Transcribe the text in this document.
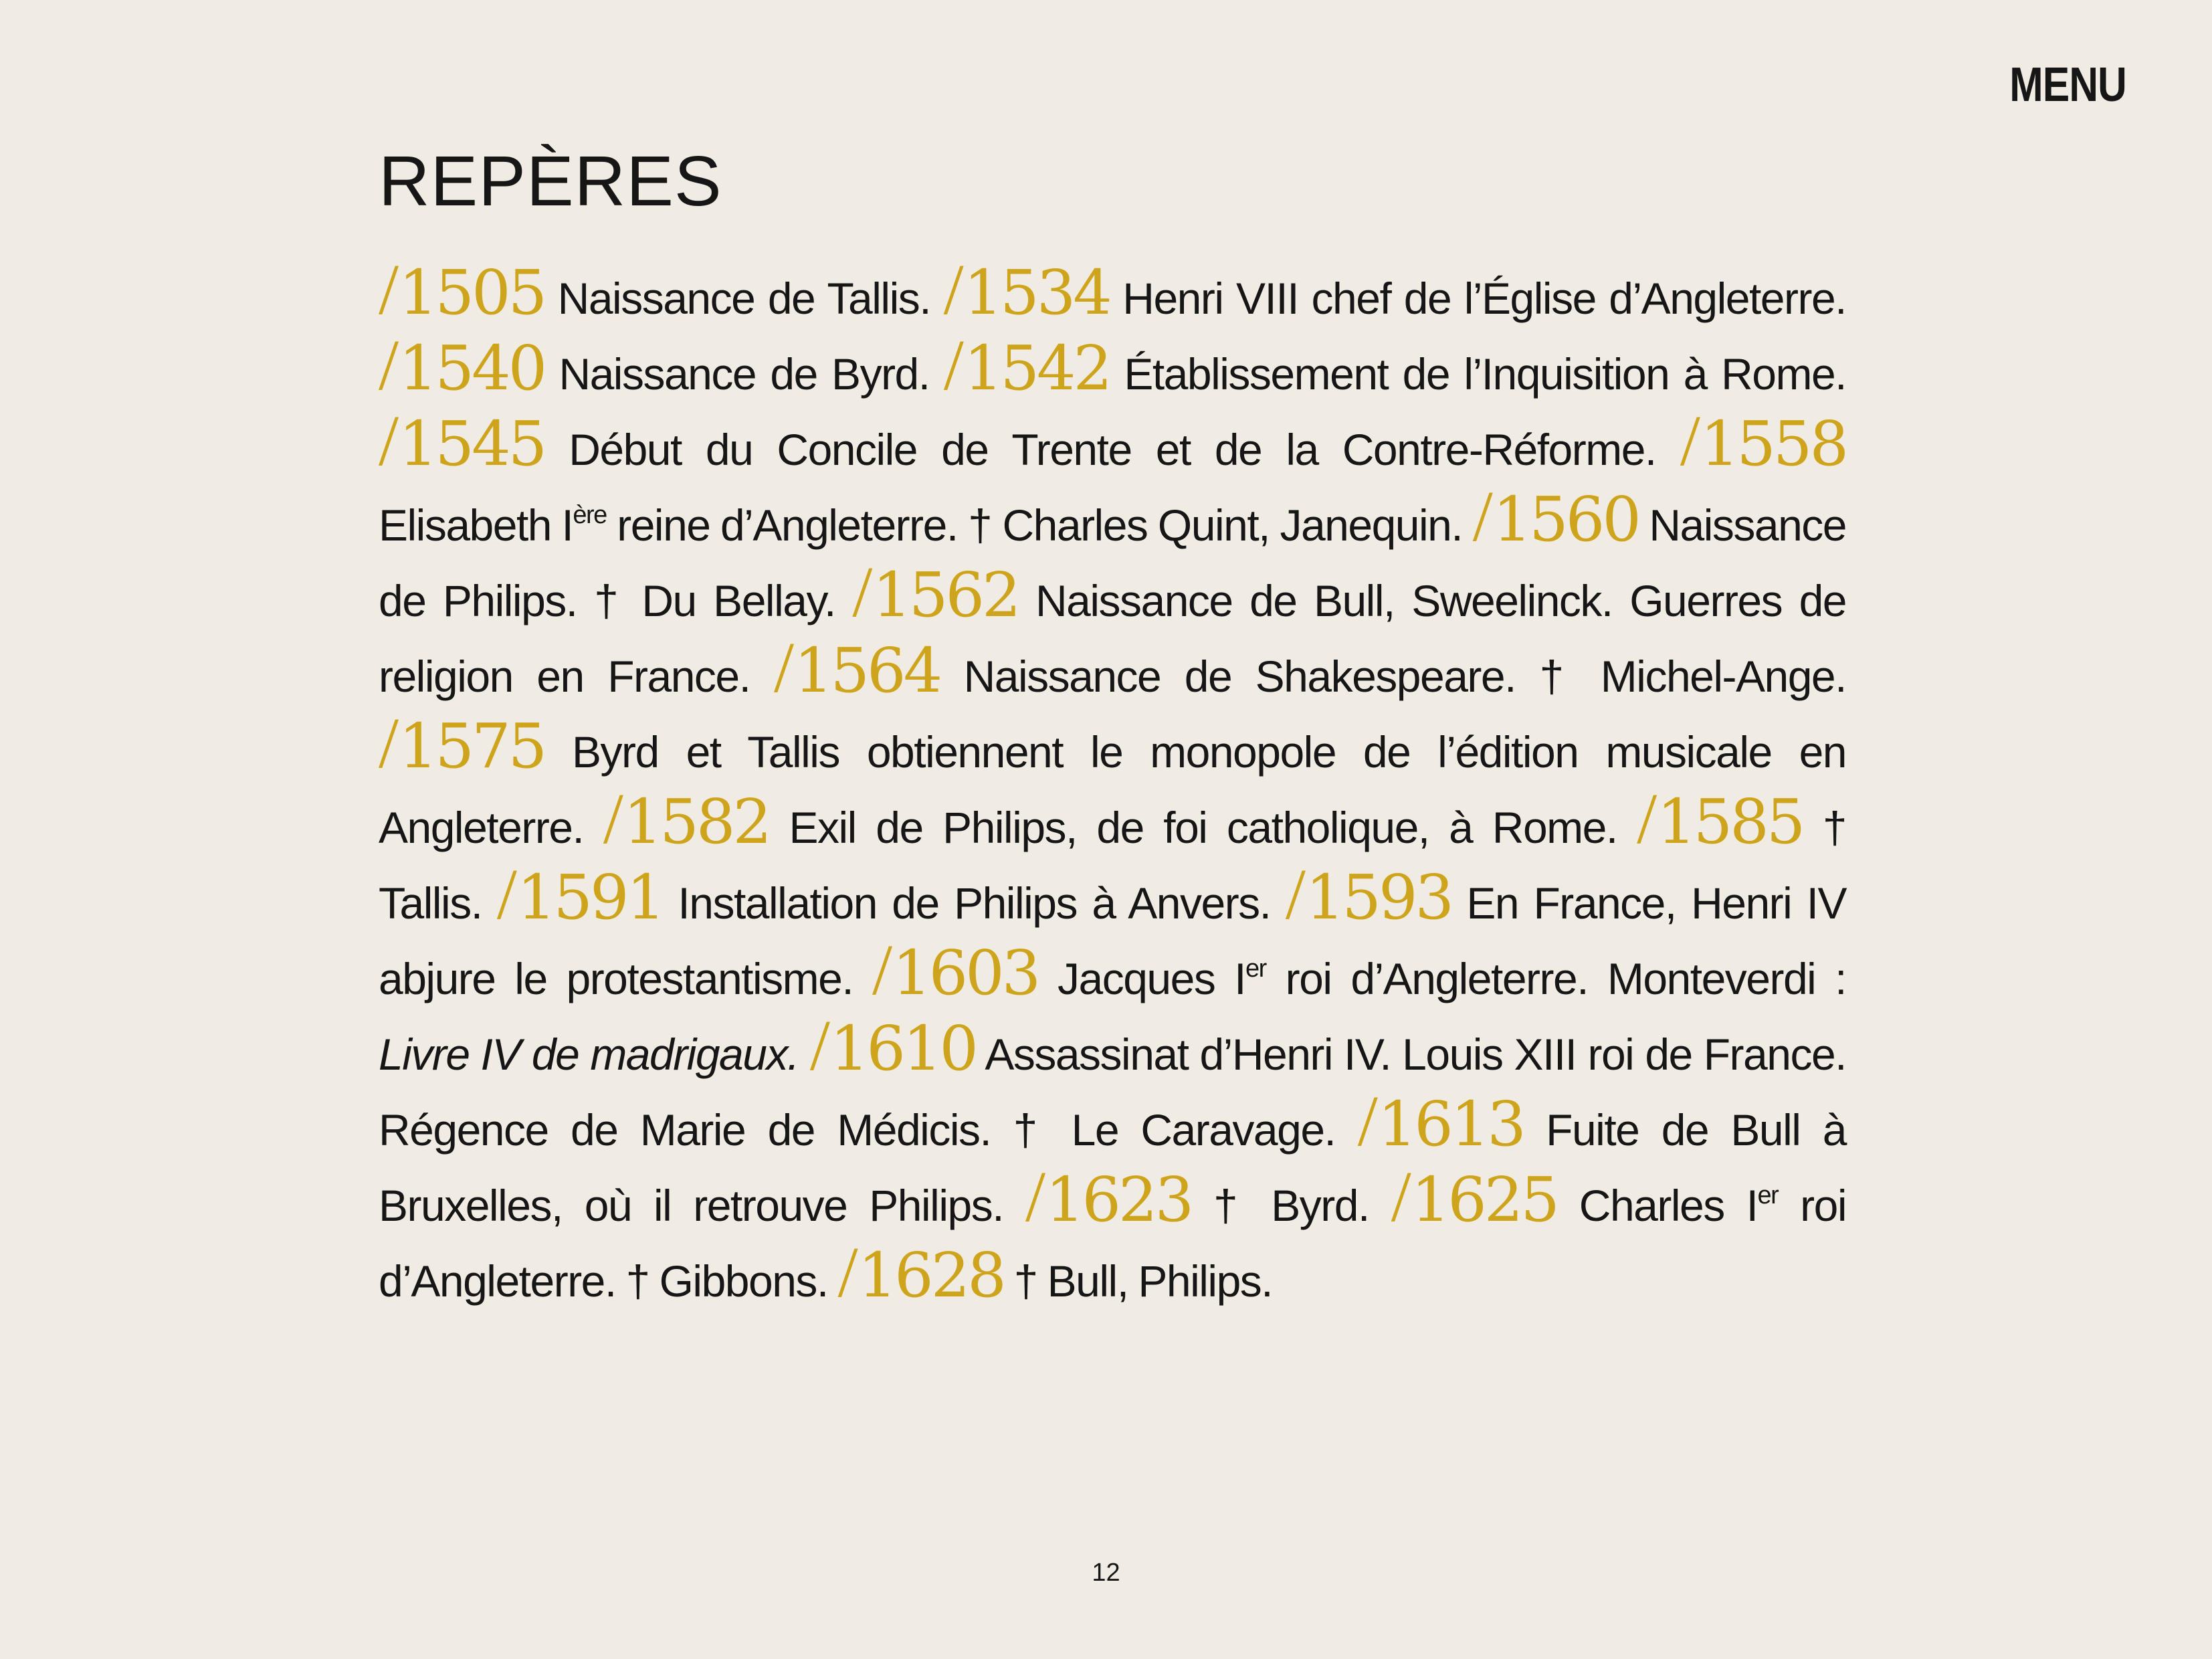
MENU
REPÈRES

/1505 Naissance de Tallis. /1534 Henri VIII chef de l’Église d’Angleterre. /1540 Naissance de Byrd. /1542 Établissement de l’Inquisition à Rome. /1545 Début du Concile de Trente et de la Contre-Réforme. /1558 Elisabeth Ière reine d’Angleterre. † Charles Quint, Janequin. /1560 Naissance de Philips. † Du Bellay. /1562 Naissance de Bull, Sweelinck. Guerres de religion en France. /1564 Naissance de Shakespeare. † Michel-Ange. /1575 Byrd et Tallis obtiennent le monopole de l’édition musicale en Angleterre. /1582 Exil de Philips, de foi catholique, à Rome. /1585 † Tallis. /1591 Installation de Philips à Anvers. /1593 En France, Henri IV abjure le protestantisme. /1603 Jacques Ier roi d’Angleterre. Monteverdi : Livre IV de madrigaux. /1610 Assassinat d’Henri IV. Louis XIII roi de France. Régence de Marie de Médicis. † Le Caravage. /1613 Fuite de Bull à Bruxelles, où il retrouve Philips. /1623 † Byrd. /1625 Charles Ier roi d’Angleterre. † Gibbons. /1628 † Bull, Philips.

12
